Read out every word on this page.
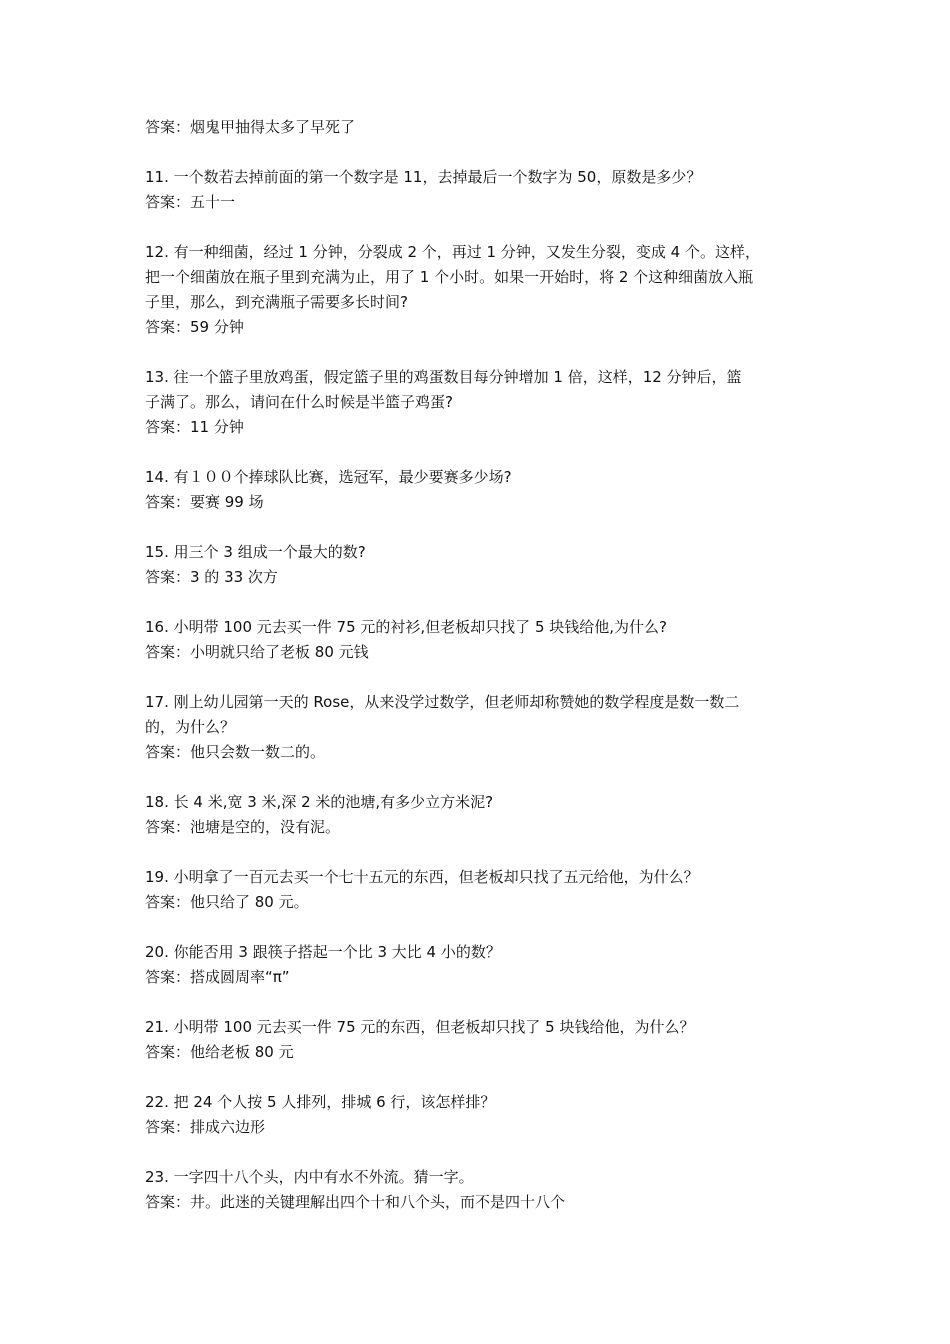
答案：烟鬼甲抽得太多了早死了
11. 一个数若去掉前面的第一个数字是 11，去掉最后一个数字为 50，原数是多少？
答案：五十一
12. 有一种细菌，经过 1 分钟，分裂成 2 个，再过 1 分钟，又发生分裂，变成 4 个。这样，
把一个细菌放在瓶子里到充满为止，用了 1 个小时。如果一开始时，将 2 个这种细菌放入瓶
子里，那么，到充满瓶子需要多长时间?
答案：59 分钟
13. 往一个篮子里放鸡蛋，假定篮子里的鸡蛋数目每分钟增加 1 倍，这样，12 分钟后，篮
子满了。那么，请问在什么时候是半篮子鸡蛋?
答案：11 分钟
14. 有１００个捧球队比赛，选冠军，最少要赛多少场?
答案：要赛 99 场
15. 用三个 3 组成一个最大的数?
答案：3 的 33 次方
16. 小明带 100 元去买一件 75 元的衬衫,但老板却只找了 5 块钱给他,为什么?
答案：小明就只给了老板 80 元钱
17. 刚上幼儿园第一天的 Rose，从来没学过数学，但老师却称赞她的数学程度是数一数二
的，为什么？
答案：他只会数一数二的。
18. 长 4 米,宽 3 米,深 2 米的池塘,有多少立方米泥?
答案：池塘是空的，没有泥。
19. 小明拿了一百元去买一个七十五元的东西，但老板却只找了五元给他，为什么？
答案：他只给了 80 元。
20. 你能否用 3 跟筷子搭起一个比 3 大比 4 小的数？
答案：搭成圆周率“π”
21. 小明带 100 元去买一件 75 元的东西，但老板却只找了 5 块钱给他，为什么？
答案：他给老板 80 元
22. 把 24 个人按 5 人排列，排城 6 行，该怎样排？
答案：排成六边形
23. 一字四十八个头，内中有水不外流。猜一字。
答案：井。此迷的关键理解出四个十和八个头，而不是四十八个
